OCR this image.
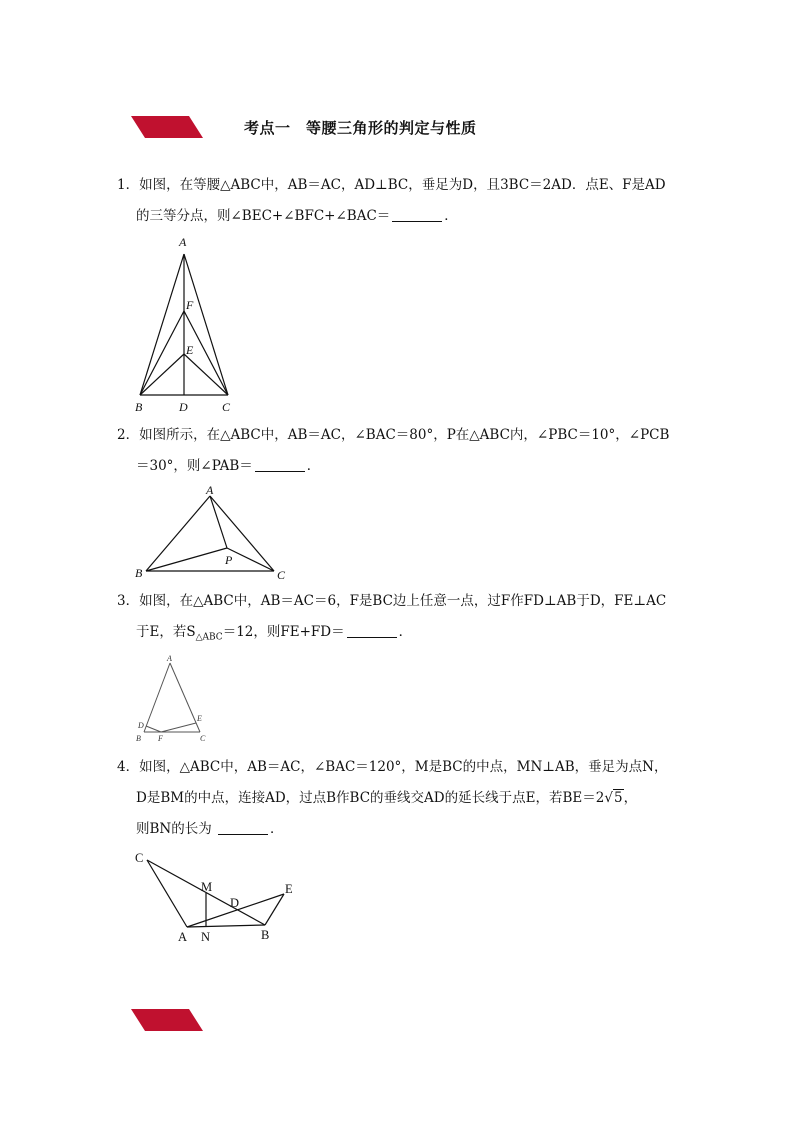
考点一　等腰三角形的判定与性质
1．如图，在等腰△ABC中，AB＝AC，AD⊥BC，垂足为D，且3BC＝2AD．点E、F是AD
的三等分点，则∠BEC+∠BFC+∠BAC＝	．
A
F
E
B	D	C
2．如图所示，在△ABC中，AB＝AC，∠BAC＝80°，P在△ABC内，∠PBC＝10°，∠PCB
＝30°，则∠PAB＝	．
A
P
B	C
3．如图，在△ABC中，AB＝AC＝6，F是BC边上任意一点，过F作FD⊥AB于D，FE⊥AC
于E，若$S_{\triangle ABC}=12$，则FE+FD＝	．
A
D
E
B F	C
4．如图，△ABC中，AB＝AC，∠BAC＝120°，M是BC的中点，MN⊥AB，垂足为点N，
D是BM的中点，连接AD，过点B作BC的垂线交AD的延长线于点E，若BE＝2√5，
则BN的长为	．
C
M
D
E
A N	B
